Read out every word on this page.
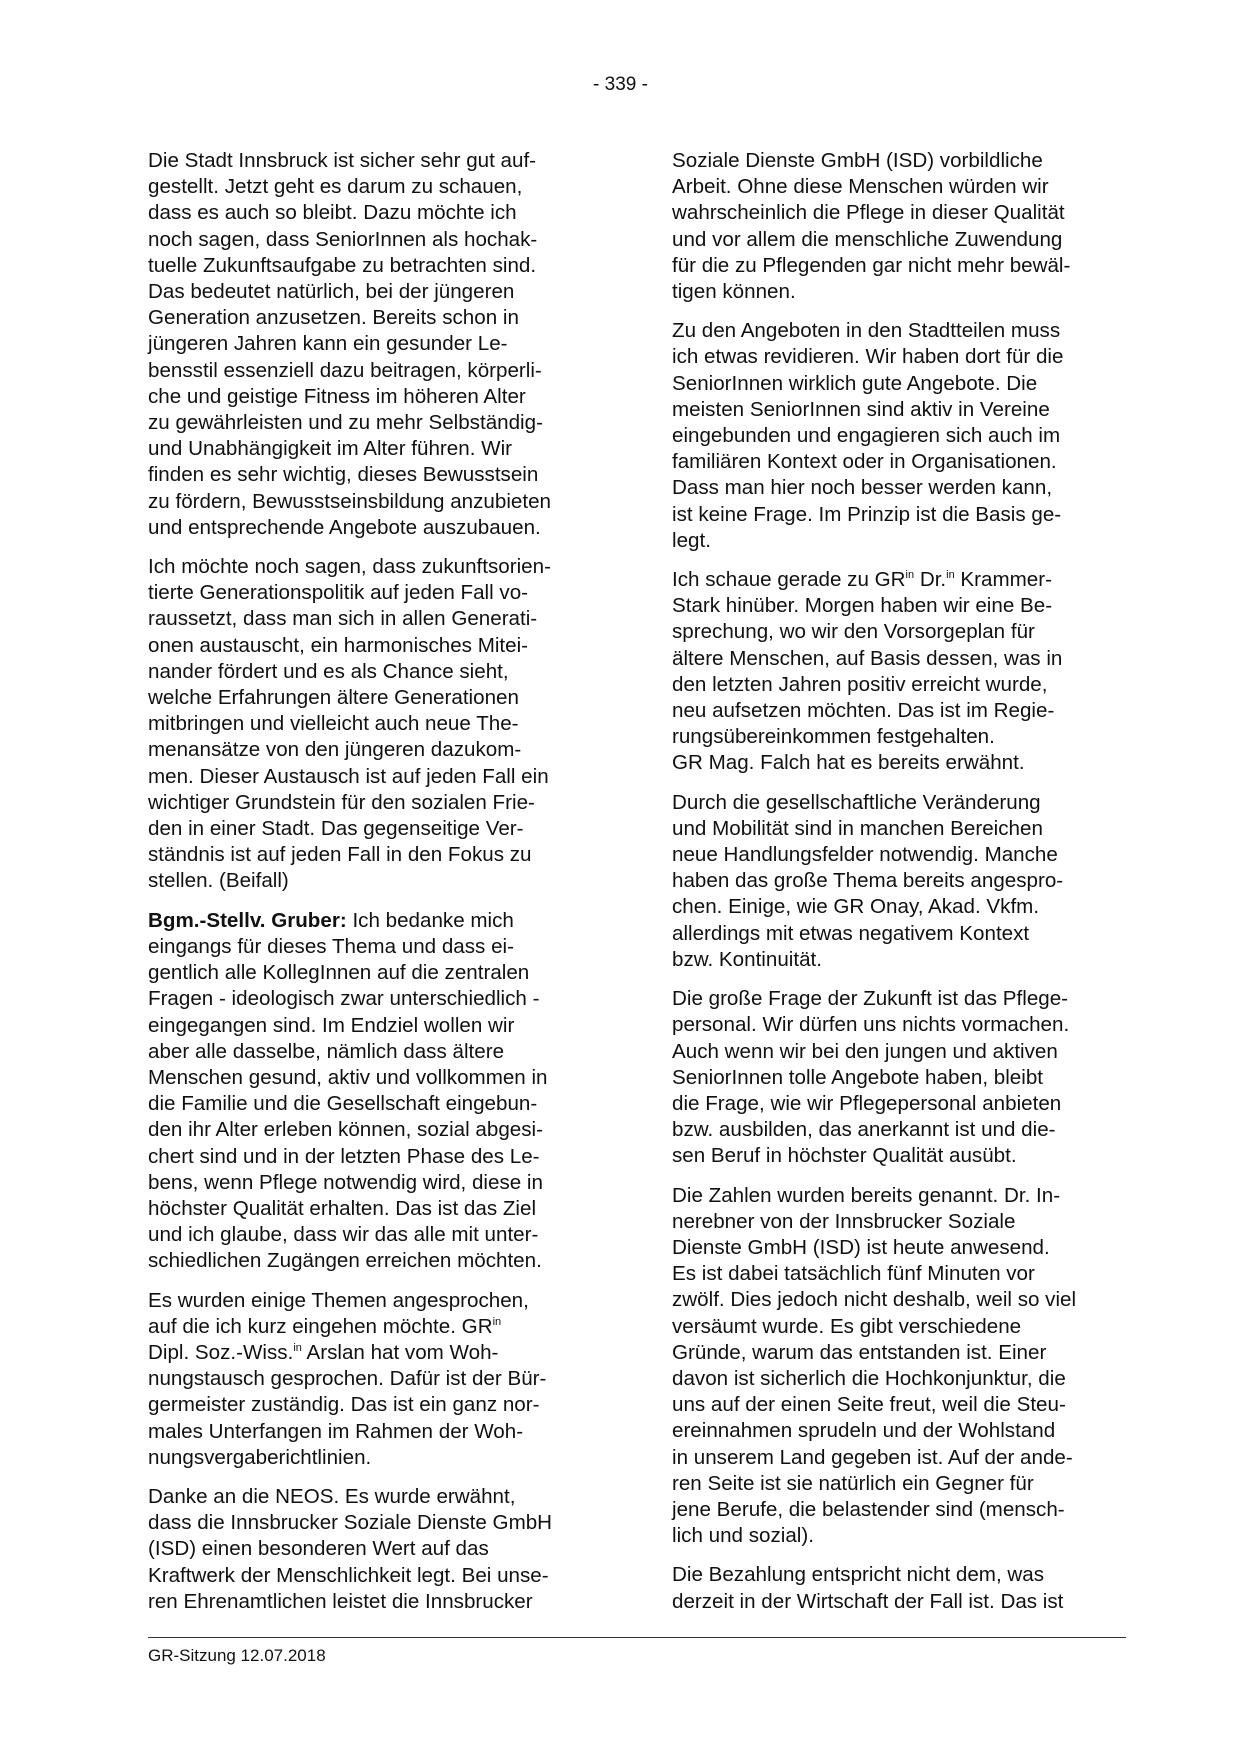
- 339 -

Die Stadt Innsbruck ist sicher sehr gut auf-
gestellt. Jetzt geht es darum zu schauen,
dass es auch so bleibt. Dazu möchte ich
noch sagen, dass SeniorInnen als hochak-
tuelle Zukunftsaufgabe zu betrachten sind.
Das bedeutet natürlich, bei der jüngeren
Generation anzusetzen. Bereits schon in
jüngeren Jahren kann ein gesunder Le-
bensstil essenziell dazu beitragen, körperli-
che und geistige Fitness im höheren Alter
zu gewährleisten und zu mehr Selbständig-
und Unabhängigkeit im Alter führen. Wir
finden es sehr wichtig, dieses Bewusstsein
zu fördern, Bewusstseinsbildung anzubieten
und entsprechende Angebote auszubauen.

Ich möchte noch sagen, dass zukunftsorien-
tierte Generationspolitik auf jeden Fall vo-
raussetzt, dass man sich in allen Generati-
onen austauscht, ein harmonisches Mitei-
nander fördert und es als Chance sieht,
welche Erfahrungen ältere Generationen
mitbringen und vielleicht auch neue The-
menansätze von den jüngeren dazukom-
men. Dieser Austausch ist auf jeden Fall ein
wichtiger Grundstein für den sozialen Frie-
den in einer Stadt. Das gegenseitige Ver-
ständnis ist auf jeden Fall in den Fokus zu
stellen. (Beifall)

Bgm.-Stellv. Gruber: Ich bedanke mich
eingangs für dieses Thema und dass ei-
gentlich alle KollegInnen auf die zentralen
Fragen - ideologisch zwar unterschiedlich -
eingegangen sind. Im Endziel wollen wir
aber alle dasselbe, nämlich dass ältere
Menschen gesund, aktiv und vollkommen in
die Familie und die Gesellschaft eingebun-
den ihr Alter erleben können, sozial abgesi-
chert sind und in der letzten Phase des Le-
bens, wenn Pflege notwendig wird, diese in
höchster Qualität erhalten. Das ist das Ziel
und ich glaube, dass wir das alle mit unter-
schiedlichen Zugängen erreichen möchten.

Es wurden einige Themen angesprochen,
auf die ich kurz eingehen möchte. $GR^{in}$
Dipl. Soz.-Wiss.$^{in}$ Arslan hat vom Woh-
nungstausch gesprochen. Dafür ist der Bür-
germeister zuständig. Das ist ein ganz nor-
males Unterfangen im Rahmen der Woh-
nungsvergaberichtlinien.

Danke an die NEOS. Es wurde erwähnt,
dass die Innsbrucker Soziale Dienste GmbH
(ISD) einen besonderen Wert auf das
Kraftwerk der Menschlichkeit legt. Bei unse-
ren Ehrenamtlichen leistet die Innsbrucker

Soziale Dienste GmbH (ISD) vorbildliche
Arbeit. Ohne diese Menschen würden wir
wahrscheinlich die Pflege in dieser Qualität
und vor allem die menschliche Zuwendung
für die zu Pflegenden gar nicht mehr bewäl-
tigen können.

Zu den Angeboten in den Stadtteilen muss
ich etwas revidieren. Wir haben dort für die
SeniorInnen wirklich gute Angebote. Die
meisten SeniorInnen sind aktiv in Vereine
eingebunden und engagieren sich auch im
familiären Kontext oder in Organisationen.
Dass man hier noch besser werden kann,
ist keine Frage. Im Prinzip ist die Basis ge-
legt.

Ich schaue gerade zu $GR^{in}$ Dr.$^{in}$ Krammer-
Stark hinüber. Morgen haben wir eine Be-
sprechung, wo wir den Vorsorgeplan für
ältere Menschen, auf Basis dessen, was in
den letzten Jahren positiv erreicht wurde,
neu aufsetzen möchten. Das ist im Regie-
rungsübereinkommen festgehalten.
GR Mag. Falch hat es bereits erwähnt.

Durch die gesellschaftliche Veränderung
und Mobilität sind in manchen Bereichen
neue Handlungsfelder notwendig. Manche
haben das große Thema bereits angespro-
chen. Einige, wie GR Onay, Akad. Vkfm.
allerdings mit etwas negativem Kontext
bzw. Kontinuität.

Die große Frage der Zukunft ist das Pflege-
personal. Wir dürfen uns nichts vormachen.
Auch wenn wir bei den jungen und aktiven
SeniorInnen tolle Angebote haben, bleibt
die Frage, wie wir Pflegepersonal anbieten
bzw. ausbilden, das anerkannt ist und die-
sen Beruf in höchster Qualität ausübt.

Die Zahlen wurden bereits genannt. Dr. In-
nerebner von der Innsbrucker Soziale
Dienste GmbH (ISD) ist heute anwesend.
Es ist dabei tatsächlich fünf Minuten vor
zwölf. Dies jedoch nicht deshalb, weil so viel
versäumt wurde. Es gibt verschiedene
Gründe, warum das entstanden ist. Einer
davon ist sicherlich die Hochkonjunktur, die
uns auf der einen Seite freut, weil die Steu-
ereinnahmen sprudeln und der Wohlstand
in unserem Land gegeben ist. Auf der ande-
ren Seite ist sie natürlich ein Gegner für
jene Berufe, die belastender sind (mensch-
lich und sozial).

Die Bezahlung entspricht nicht dem, was
derzeit in der Wirtschaft der Fall ist. Das ist

GR-Sitzung 12.07.2018
